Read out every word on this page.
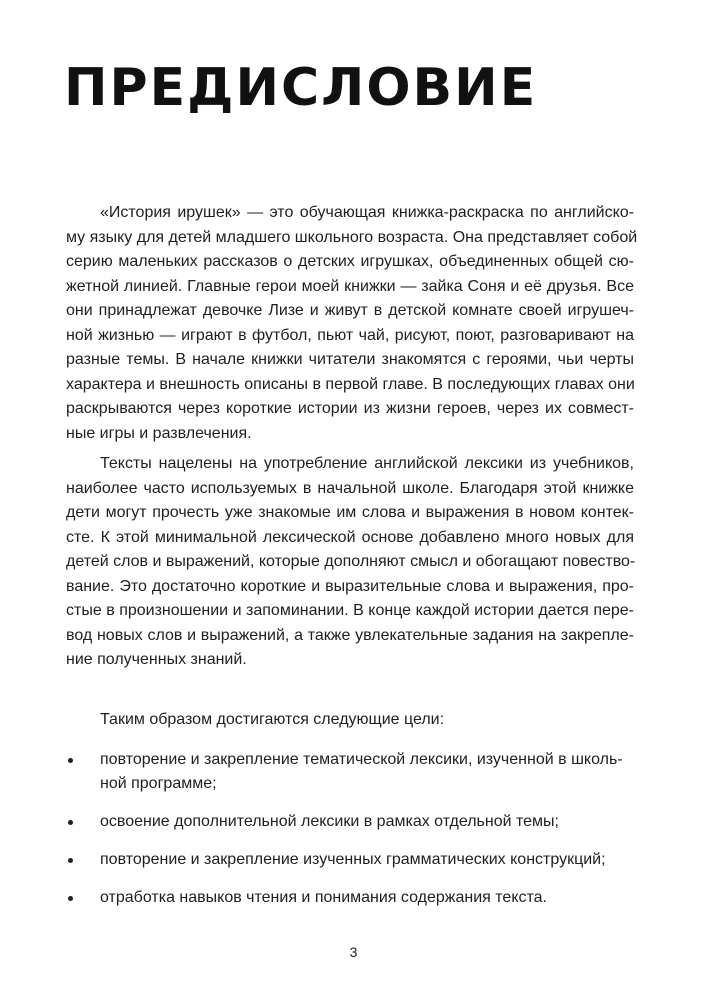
ПРЕДИСЛОВИЕ
«История ирушек» — это обучающая книжка-раскраска по английско-
му языку для детей младшего школьного возраста. Она представляет собой
серию маленьких рассказов о детских игрушках, объединенных общей сю-
жетной линией. Главные герои моей книжки — зайка Соня и её друзья. Все
они принадлежат девочке Лизе и живут в детской комнате своей игрушеч-
ной жизнью — играют в футбол, пьют чай, рисуют, поют, разговаривают на
разные темы. В начале книжки читатели знакомятся с героями, чьи черты
характера и внешность описаны в первой главе. В последующих главах они
раскрываются через короткие истории из жизни героев, через их совмест-
ные игры и развлечения.
Тексты нацелены на употребление английской лексики из учебников,
наиболее часто используемых в начальной школе. Благодаря этой книжке
дети могут прочесть уже знакомые им слова и выражения в новом контек-
сте. К этой минимальной лексической основе добавлено много новых для
детей слов и выражений, которые дополняют смысл и обогащают повество-
вание. Это достаточно короткие и выразительные слова и выражения, про-
стые в произношении и запоминании. В конце каждой истории дается пере-
вод новых слов и выражений, а также увлекательные задания на закрепле-
ние полученных знаний.

Таким образом достигаются следующие цели:

повторение и закрепление тематической лексики, изученной в школь-
ной программе;
освоение дополнительной лексики в рамках отдельной темы;
повторение и закрепление изученных грамматических конструкций;
отработка навыков чтения и понимания содержания текста.

3
